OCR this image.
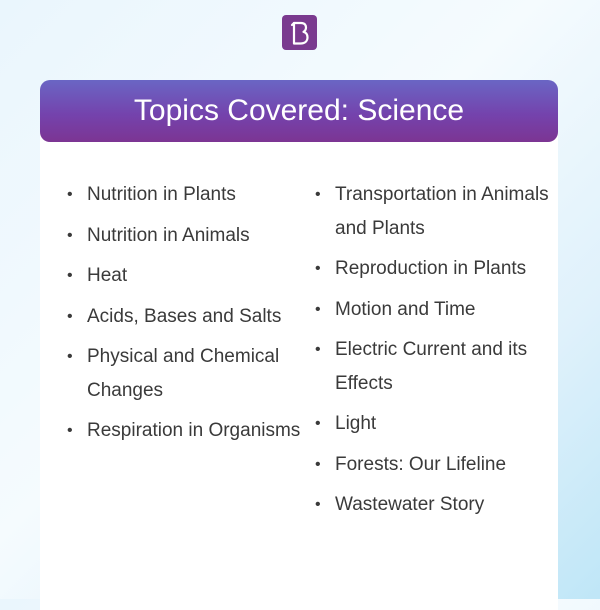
Topics Covered: Science
• Nutrition in Plants
• Nutrition in Animals
• Heat
• Acids, Bases and Salts
• Physical and Chemical Changes
• Respiration in Organisms
• Transportation in Animals and Plants
• Reproduction in Plants
• Motion and Time
• Electric Current and its Effects
• Light
• Forests: Our Lifeline
• Wastewater Story
